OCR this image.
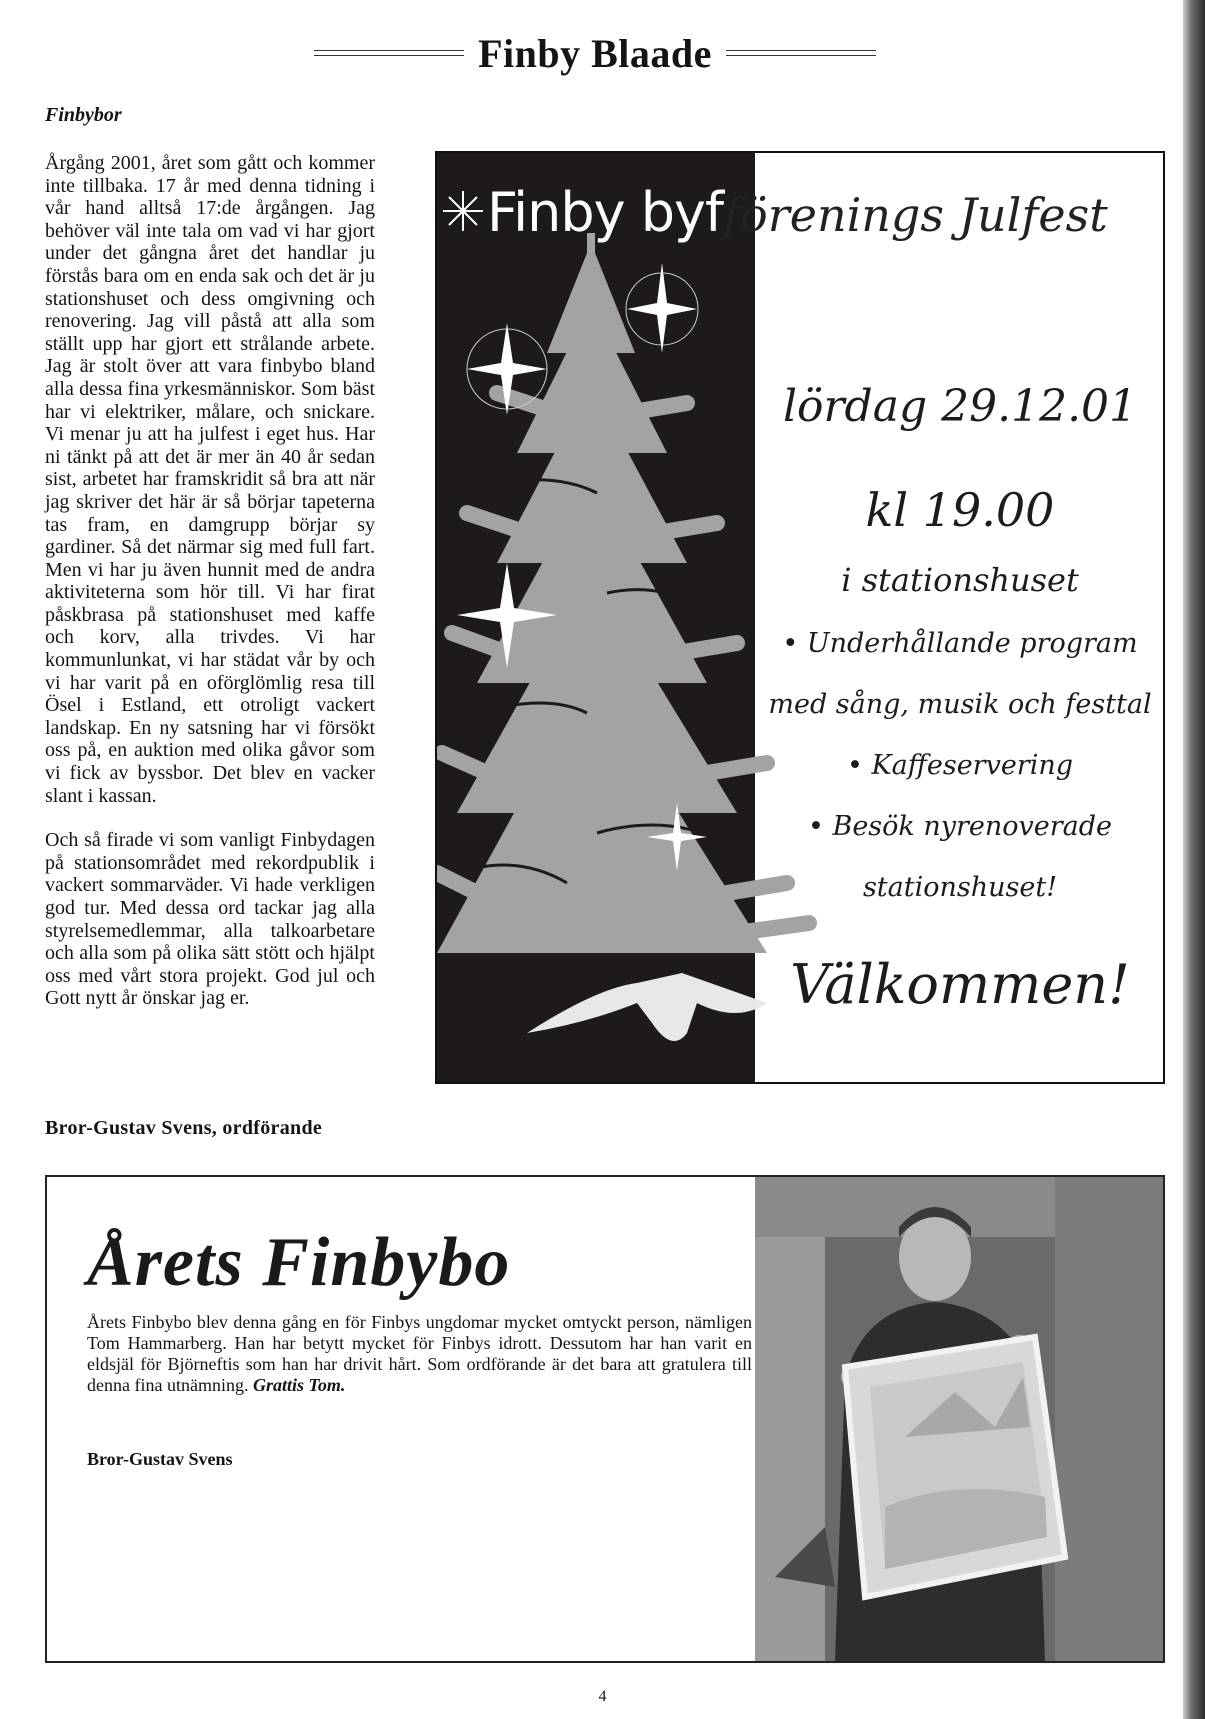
Finby Blaade
Finbybor

Årgång 2001, året som gått och kommer inte tillbaka. 17 år med denna tidning i vår hand alltså 17:de årgången. Jag behöver väl inte tala om vad vi har gjort under det gångna året det handlar ju förstås bara om en enda sak och det är ju stationshuset och dess omgivning och renovering. Jag vill påstå att alla som ställt upp har gjort ett strålande arbete. Jag är stolt över att vara finbybo bland alla dessa fina yrkesmänniskor. Som bäst har vi elektriker, målare, och snickare. Vi menar ju att ha julfest i eget hus. Har ni tänkt på att det är mer än 40 år sedan sist, arbetet har framskridit så bra att när jag skriver det här är så börjar tapeterna tas fram, en damgrupp börjar sy gardiner. Så det närmar sig med full fart. Men vi har ju även hunnit med de andra aktiviteterna som hör till. Vi har firat påskbrasa på stationshuset med kaffe och korv, alla trivdes. Vi har kommunlunkat, vi har städat vår by och vi har varit på en oförglömlig resa till Ösel i Estland, ett otroligt vackert landskap. En ny satsning har vi försökt oss på, en auktion med olika gåvor som vi fick av byssbor. Det blev en vacker slant i kassan.

Och så firade vi som vanligt Finbydagen på stationsområdet med rekordpublik i vackert sommarväder. Vi hade verkligen god tur. Med dessa ord tackar jag alla styrelsemedlemmar, alla talkoarbetare och alla som på olika sätt stött och hjälpt oss med vårt stora projekt. God jul och Gott nytt år önskar jag er.

Bror-Gustav Svens, ordförande
Finby byfförenings Julfest
lördag 29.12.01
kl 19.00
i stationshuset
• Underhållande program
med sång, musik och festtal
• Kaffeservering
• Besök nyrenoverade
stationshuset!
Välkommen!
Årets Finbybo
Årets Finbybo blev denna gång en för Finbys ungdomar mycket omtyckt person, nämligen Tom Hammarberg. Han har betytt mycket för Finbys idrott. Dessutom har han varit en eldsjäl för Björneftis som han har drivit hårt. Som ordförande är det bara att gratulera till denna fina utnämning. Grattis Tom.
Bror-Gustav Svens
4
